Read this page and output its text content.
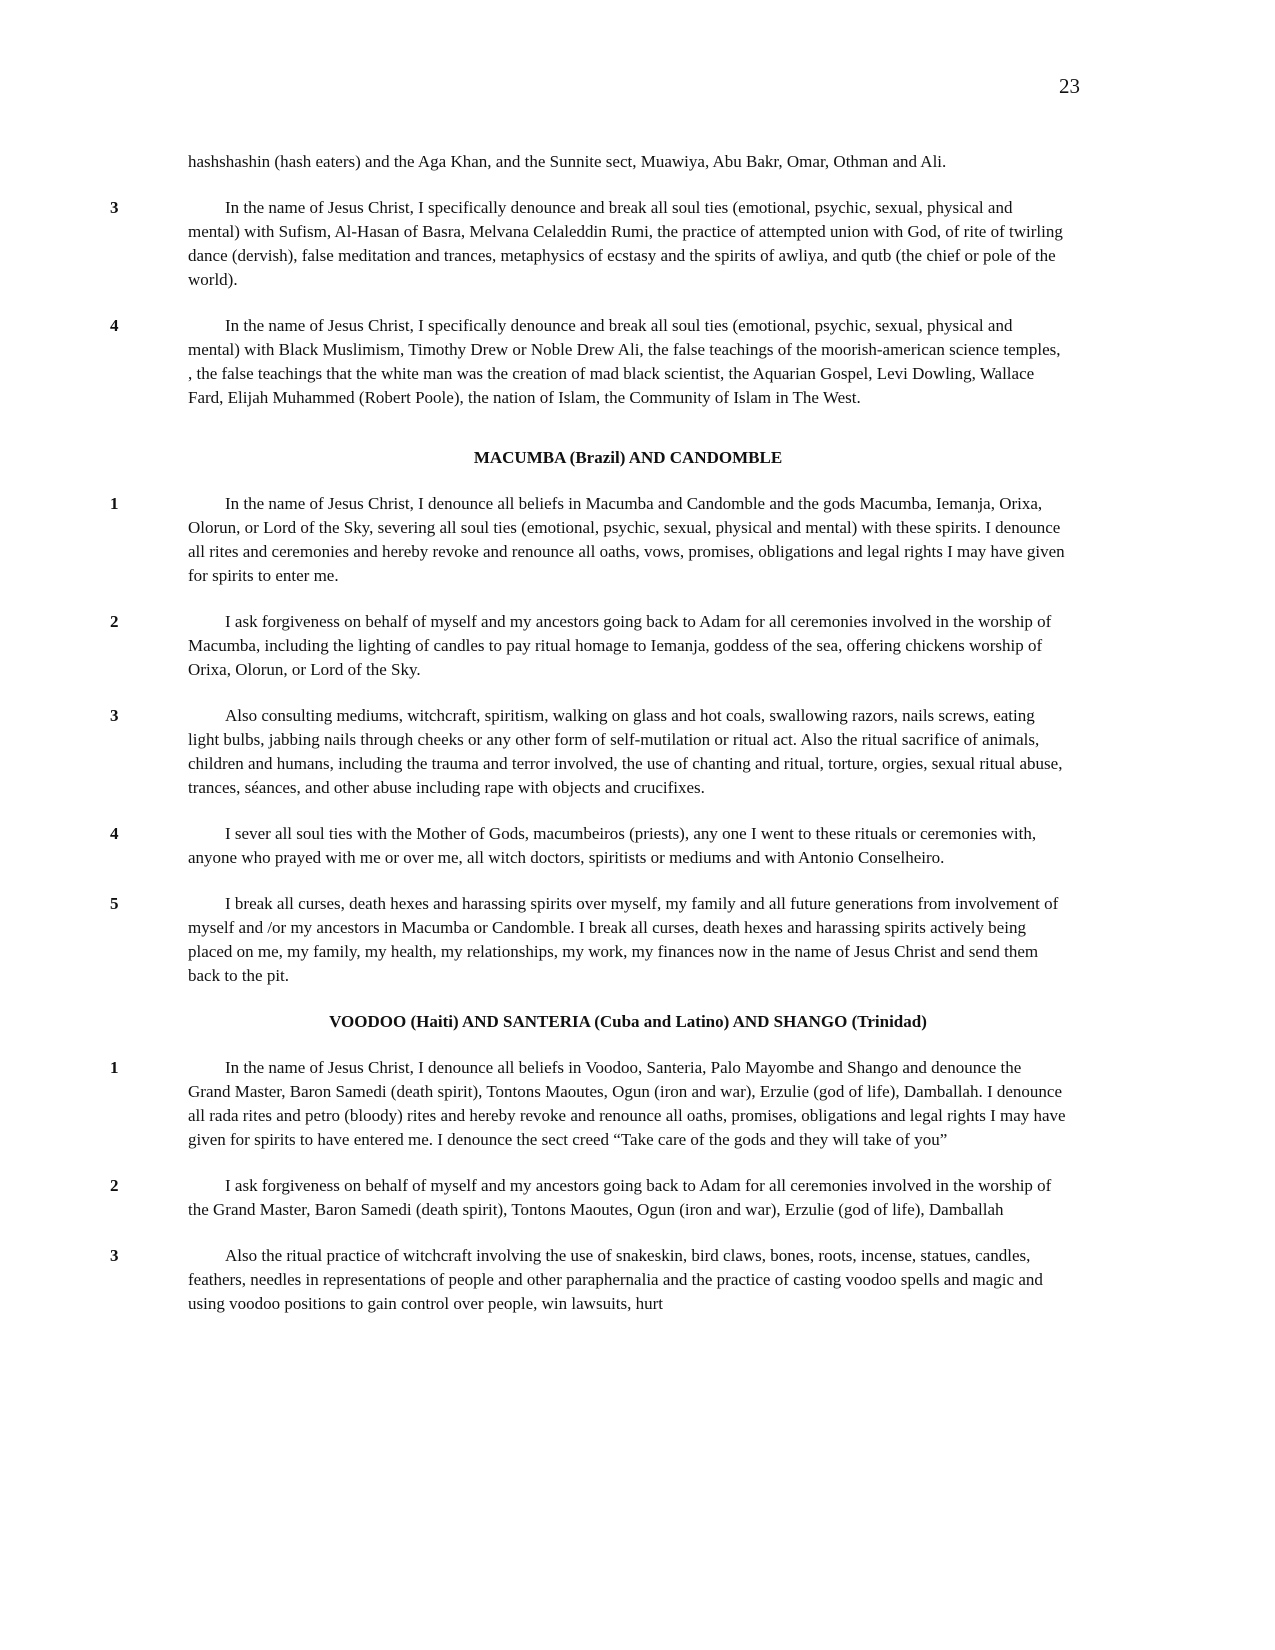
23
hashshashin (hash eaters) and the Aga Khan, and the Sunnite sect, Muawiya, Abu Bakr, Omar, Othman and Ali.
3	In the name of Jesus Christ, I specifically denounce and break all soul ties (emotional, psychic, sexual, physical and mental) with Sufism, Al-Hasan of Basra, Melvana Celaleddin Rumi, the practice of attempted union with God, of rite of twirling dance (dervish), false meditation and trances, metaphysics of ecstasy and the spirits of awliya, and qutb (the chief or pole of the world).
4	In the name of Jesus Christ, I specifically denounce and break all soul ties (emotional, psychic, sexual, physical and mental) with Black Muslimism, Timothy Drew or Noble Drew Ali, the false teachings of the moorish-american science temples, , the false teachings that the white man was the creation of mad black scientist, the Aquarian Gospel, Levi Dowling, Wallace Fard, Elijah Muhammed (Robert Poole), the nation of Islam, the Community of Islam in The West.
MACUMBA (Brazil) AND CANDOMBLE
1	In the name of Jesus Christ, I denounce all beliefs in Macumba and Candomble and the gods Macumba, Iemanja, Orixa, Olorun, or Lord of the Sky, severing all soul ties (emotional, psychic, sexual, physical and mental) with these spirits. I denounce all rites and ceremonies and hereby revoke and renounce all oaths, vows, promises, obligations and legal rights I may have given for spirits to enter me.
2	I ask forgiveness on behalf of myself and my ancestors going back to Adam for all ceremonies involved in the worship of Macumba, including the lighting of candles to pay ritual homage to Iemanja, goddess of the sea, offering chickens worship of Orixa, Olorun, or Lord of the Sky.
3	Also consulting mediums, witchcraft, spiritism, walking on glass and hot coals, swallowing razors, nails screws, eating light bulbs, jabbing nails through cheeks or any other form of self-mutilation or ritual act. Also the ritual sacrifice of animals, children and humans, including the trauma and terror involved, the use of chanting and ritual, torture, orgies, sexual ritual abuse, trances, séances, and other abuse including rape with objects and crucifixes.
4	I sever all soul ties with the Mother of Gods, macumbeiros (priests), any one I went to these rituals or ceremonies with, anyone who prayed with me or over me, all witch doctors, spiritists or mediums and with Antonio Conselheiro.
5	I break all curses, death hexes and harassing spirits over myself, my family and all future generations from involvement of myself and /or my ancestors in Macumba or Candomble. I break all curses, death hexes and harassing spirits actively being placed on me, my family, my health, my relationships, my work, my finances now in the name of Jesus Christ and send them back to the pit.
VOODOO (Haiti) AND SANTERIA (Cuba and Latino) AND SHANGO (Trinidad)
1	In the name of Jesus Christ, I denounce all beliefs in Voodoo, Santeria, Palo Mayombe and Shango and denounce the Grand Master, Baron Samedi (death spirit), Tontons Maoutes, Ogun (iron and war), Erzulie (god of life), Damballah. I denounce all rada rites and petro (bloody) rites and hereby revoke and renounce all oaths, promises, obligations and legal rights I may have given for spirits to have entered me. I denounce the sect creed “Take care of the gods and they will take of you”
2	I ask forgiveness on behalf of myself and my ancestors going back to Adam for all ceremonies involved in the worship of the Grand Master, Baron Samedi (death spirit), Tontons Maoutes, Ogun (iron and war), Erzulie (god of life), Damballah
3	Also the ritual practice of witchcraft involving the use of snakeskin, bird claws, bones, roots, incense, statues, candles, feathers, needles in representations of people and other paraphernalia and the practice of casting voodoo spells and magic and using voodoo positions to gain control over people, win lawsuits, hurt
